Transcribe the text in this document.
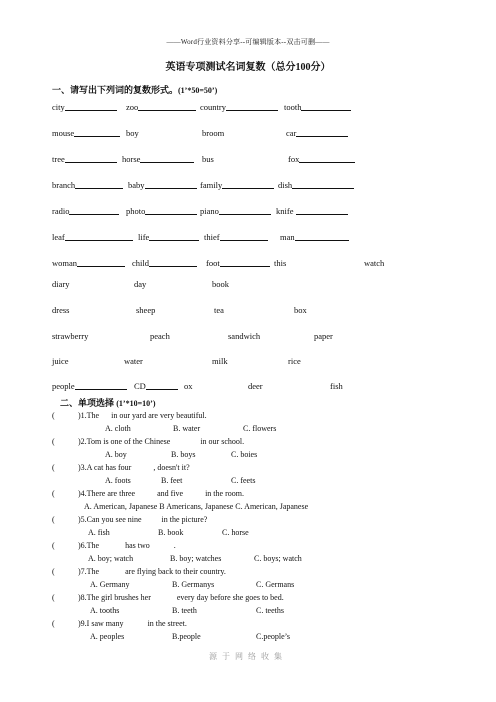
——Word行业资料分享--可编辑版本--双击可删——
英语专项测试名词复数（总分100分）
一、请写出下列词的复数形式。(1’*50=50’)
city	zoo	country	tooth
mouse	boy	broom	car
tree	horse	bus	fox
branch	baby	family	dish
radio	photo	piano	knife
leaf	life	thief	man
woman	child	foot	this	watch
diary	day	book
dress	sheep	tea	box
strawberry	peach	sandwich	paper
juice	water	milk	rice
people	CD	ox	deer	fish
二、单项选择 (1’*10=10’)
(	)1.The in our yard are very beautiful.
A. cloth	B. water	C. flowers
(	)2.Tom is one of the Chinese	in our school.
A. boy	B. boys	C. boies
(	)3.A cat has four	, doesn't it?
A. foots	B. feet	C. feets
(	)4.There are three	and five	in the room.
A. American, Japanese B Americans, Japanese C. American, Japanese
(	)5.Can you see nine	in the picture?
A. fish	B. book	C. horse
(	)6.The	has two	.
A. boy; watch	B. boy; watches	C. boys; watch
(	)7.The	are flying back to their country.
A. Germany	B. Germanys	C. Germans
(	)8.The girl brushes her	every day before she goes to bed.
A. tooths	B. teeth	C. teeths
(	)9.I saw many	in the street.
A. peoples	B.people	C.people’s
源于网络收集
